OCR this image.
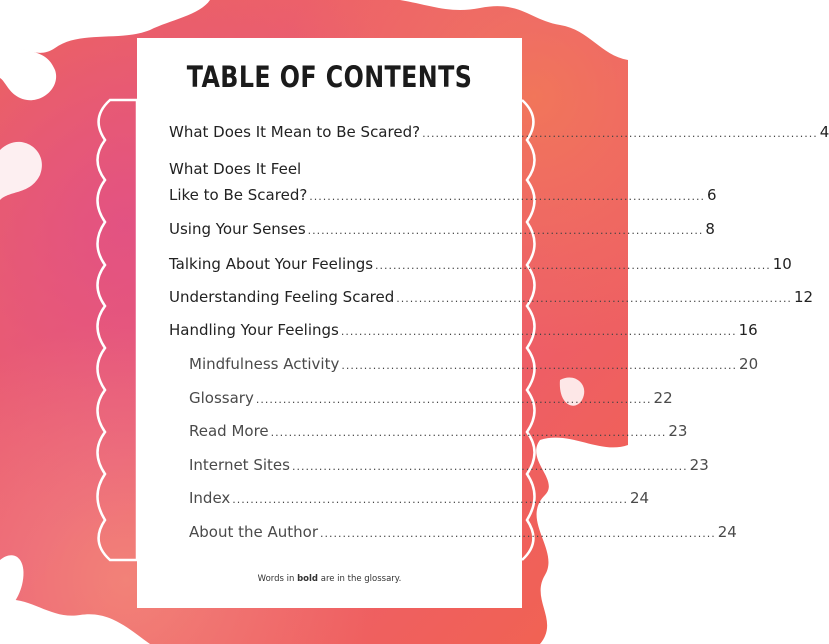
TABLE OF CONTENTS
What Does It Mean to Be Scared? ........................................................................................ 4
What Does It Feel
Like to Be Scared? ........................................................................................ 6
Using Your Senses ........................................................................................ 8
Talking About Your Feelings ........................................................................................ 10
Understanding Feeling Scared ........................................................................................ 12
Handling Your Feelings ........................................................................................ 16
Mindfulness Activity ........................................................................................ 20
Glossary ........................................................................................ 22
Read More ........................................................................................ 23
Internet Sites ........................................................................................ 23
Index ........................................................................................ 24
About the Author ........................................................................................ 24
Words in bold are in the glossary.
